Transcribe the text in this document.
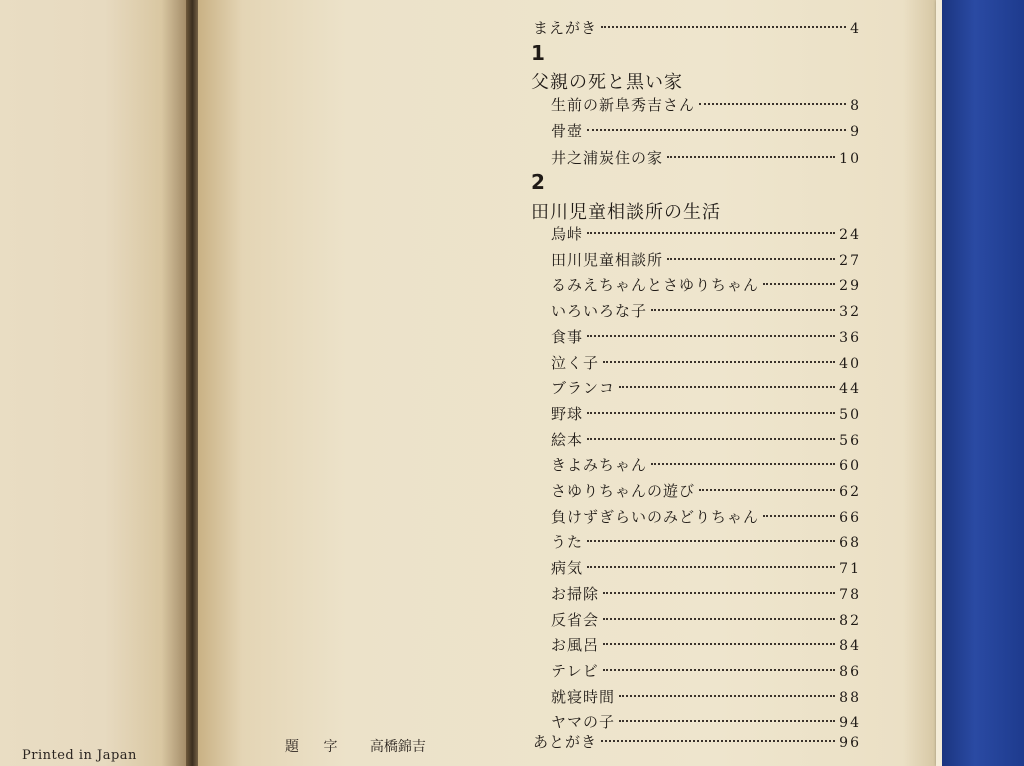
Printed in Japan
題 字 高橋錦吉
まえがき	4
1
父親の死と黒い家
生前の新阜秀吉さん	8
骨壺	9
井之浦炭住の家	10
2
田川児童相談所の生活
烏峠	24
田川児童相談所	27
るみえちゃんとさゆりちゃん	29
いろいろな子	32
食事	36
泣く子	40
ブランコ	44
野球	50
絵本	56
きよみちゃん	60
さゆりちゃんの遊び	62
負けずぎらいのみどりちゃん	66
うた	68
病気	71
お掃除	78
反省会	82
お風呂	84
テレビ	86
就寝時間	88
ヤマの子	94
あとがき	96
